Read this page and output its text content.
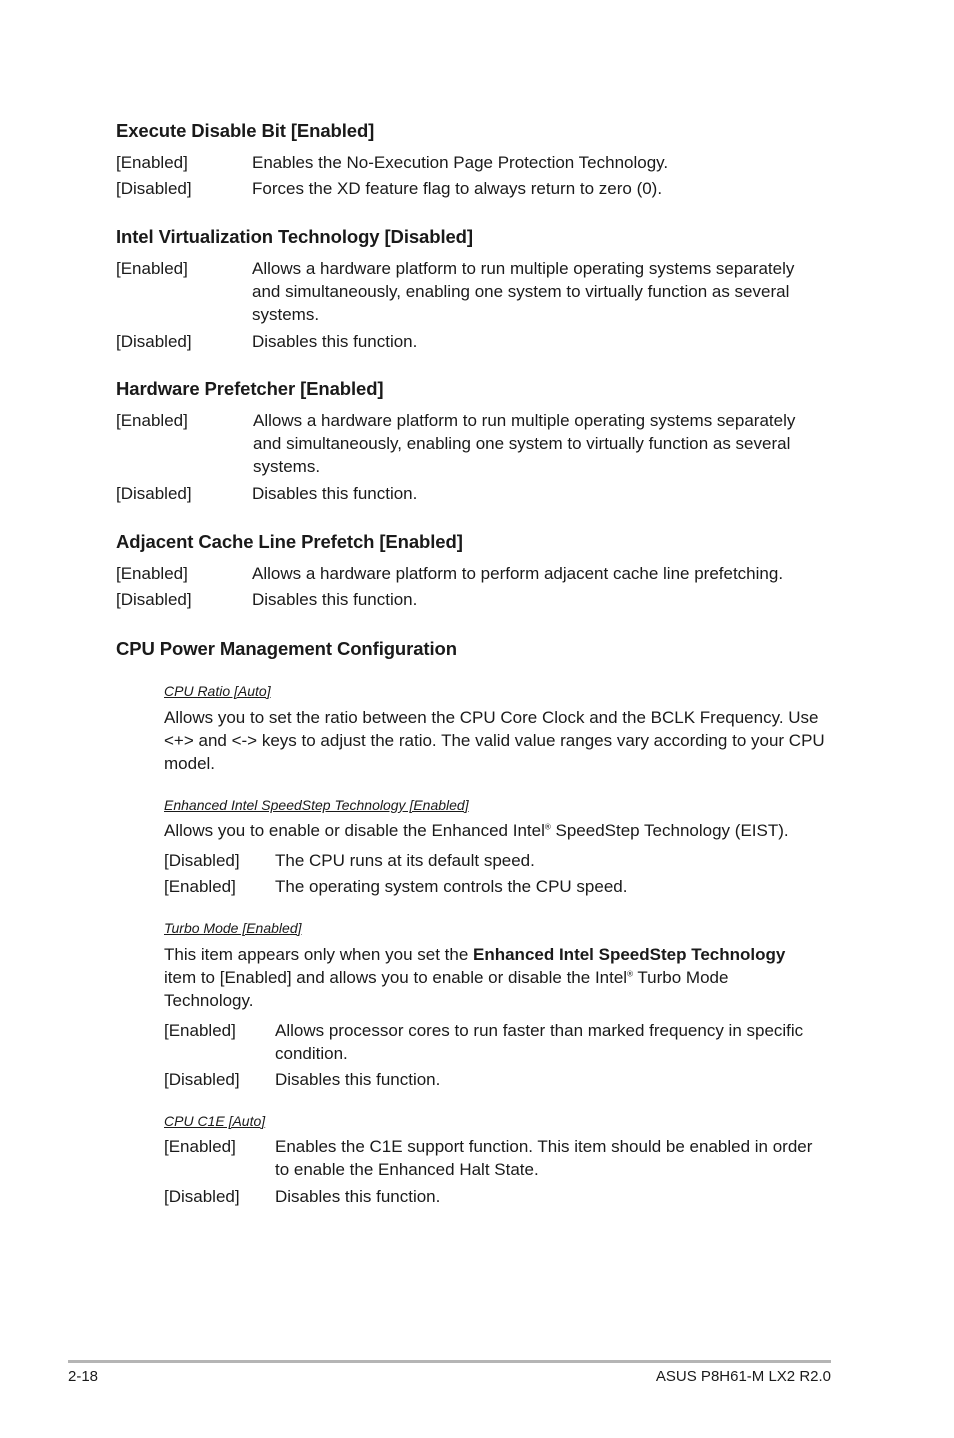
Execute Disable Bit [Enabled]
[Enabled]	Enables the No-Execution Page Protection Technology.
[Disabled]	Forces the XD feature flag to always return to zero (0).
Intel Virtualization Technology [Disabled]
[Enabled]	Allows a hardware platform to run multiple operating systems separately and simultaneously, enabling one system to virtually function as several systems.
[Disabled]	Disables this function.
Hardware Prefetcher [Enabled]
[Enabled]	Allows a hardware platform to run multiple operating systems separately and simultaneously, enabling one system to virtually function as several systems.
[Disabled]	Disables this function.
Adjacent Cache Line Prefetch [Enabled]
[Enabled]	Allows a hardware platform to perform adjacent cache line prefetching.
[Disabled]	Disables this function.
CPU Power Management Configuration
CPU Ratio [Auto]

Allows you to set the ratio between the CPU Core Clock and the BCLK Frequency. Use <+> and <-> keys to adjust the ratio. The valid value ranges vary according to your CPU model.

Enhanced Intel SpeedStep Technology [Enabled]

Allows you to enable or disable the Enhanced Intel® SpeedStep Technology (EIST).

[Disabled] The CPU runs at its default speed.
[Enabled] The operating system controls the CPU speed.
Turbo Mode [Enabled]

This item appears only when you set the Enhanced Intel SpeedStep Technology item to [Enabled] and allows you to enable or disable the Intel® Turbo Mode Technology.

[Enabled] Allows processor cores to run faster than marked frequency in specific condition.
[Disabled] Disables this function.
CPU C1E [Auto]
[Enabled] Enables the C1E support function. This item should be enabled in order to enable the Enhanced Halt State.
[Disabled] Disables this function.
2-18	ASUS P8H61-M LX2 R2.0
